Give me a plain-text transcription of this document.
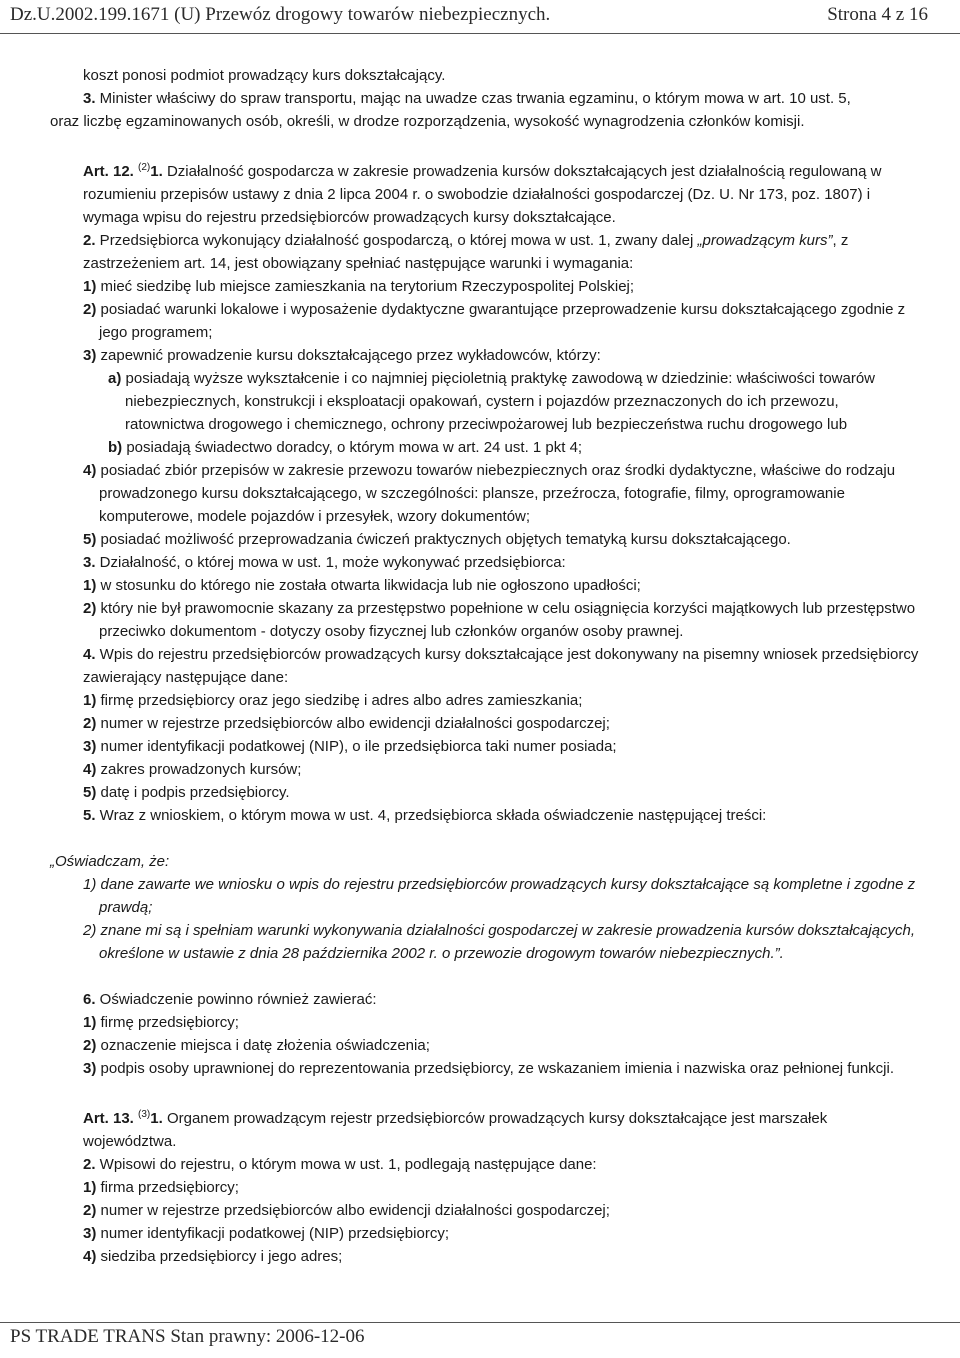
Dz.U.2002.199.1671 (U) Przewóz drogowy towarów niebezpiecznych.	Strona 4 z 16

koszt ponosi podmiot prowadzący kurs dokształcający.

3. Minister właściwy do spraw transportu, mając na uwadze czas trwania egzaminu, o którym mowa w art. 10 ust. 5,

oraz liczbę egzaminowanych osób, określi, w drodze rozporządzenia, wysokość wynagrodzenia członków komisji.

Art. 12. $^{(2)}$1. Działalność gospodarcza w zakresie prowadzenia kursów dokształcających jest działalnością regulowaną w rozumieniu przepisów ustawy z dnia 2 lipca 2004 r. o swobodzie działalności gospodarczej (Dz. U. Nr 173, poz. 1807) i wymaga wpisu do rejestru przedsiębiorców prowadzących kursy dokształcające.

2. Przedsiębiorca wykonujący działalność gospodarczą, o której mowa w ust. 1, zwany dalej „prowadzącym kurs”, z zastrzeżeniem art. 14, jest obowiązany spełniać następujące warunki i wymagania:

1) mieć siedzibę lub miejsce zamieszkania na terytorium Rzeczypospolitej Polskiej;

2) posiadać warunki lokalowe i wyposażenie dydaktyczne gwarantujące przeprowadzenie kursu dokształcającego zgodnie z jego programem;

3) zapewnić prowadzenie kursu dokształcającego przez wykładowców, którzy:

a) posiadają wyższe wykształcenie i co najmniej pięcioletnią praktykę zawodową w dziedzinie: właściwości towarów niebezpiecznych, konstrukcji i eksploatacji opakowań, cystern i pojazdów przeznaczonych do ich przewozu, ratownictwa drogowego i chemicznego, ochrony przeciwpożarowej lub bezpieczeństwa ruchu drogowego lub

b) posiadają świadectwo doradcy, o którym mowa w art. 24 ust. 1 pkt 4;

4) posiadać zbiór przepisów w zakresie przewozu towarów niebezpiecznych oraz środki dydaktyczne, właściwe do rodzaju prowadzonego kursu dokształcającego, w szczególności: plansze, przeźrocza, fotografie, filmy, oprogramowanie komputerowe, modele pojazdów i przesyłek, wzory dokumentów;

5) posiadać możliwość przeprowadzania ćwiczeń praktycznych objętych tematyką kursu dokształcającego.

3. Działalność, o której mowa w ust. 1, może wykonywać przedsiębiorca:

1) w stosunku do którego nie została otwarta likwidacja lub nie ogłoszono upadłości;

2) który nie był prawomocnie skazany za przestępstwo popełnione w celu osiągnięcia korzyści majątkowych lub przestępstwo przeciwko dokumentom - dotyczy osoby fizycznej lub członków organów osoby prawnej.

4. Wpis do rejestru przedsiębiorców prowadzących kursy dokształcające jest dokonywany na pisemny wniosek przedsiębiorcy zawierający następujące dane:

1) firmę przedsiębiorcy oraz jego siedzibę i adres albo adres zamieszkania;

2) numer w rejestrze przedsiębiorców albo ewidencji działalności gospodarczej;

3) numer identyfikacji podatkowej (NIP), o ile przedsiębiorca taki numer posiada;

4) zakres prowadzonych kursów;

5) datę i podpis przedsiębiorcy.

5. Wraz z wnioskiem, o którym mowa w ust. 4, przedsiębiorca składa oświadczenie następującej treści:

„Oświadczam, że:

1) dane zawarte we wniosku o wpis do rejestru przedsiębiorców prowadzących kursy dokształcające są kompletne i zgodne z prawdą;

2) znane mi są i spełniam warunki wykonywania działalności gospodarczej w zakresie prowadzenia kursów dokształcających, określone w ustawie z dnia 28 października 2002 r. o przewozie drogowym towarów niebezpiecznych.”.

6. Oświadczenie powinno również zawierać:

1) firmę przedsiębiorcy;

2) oznaczenie miejsca i datę złożenia oświadczenia;

3) podpis osoby uprawnionej do reprezentowania przedsiębiorcy, ze wskazaniem imienia i nazwiska oraz pełnionej funkcji.

Art. 13. $^{(3)}$1. Organem prowadzącym rejestr przedsiębiorców prowadzących kursy dokształcające jest marszałek województwa.

2. Wpisowi do rejestru, o którym mowa w ust. 1, podlegają następujące dane:

1) firma przedsiębiorcy;

2) numer w rejestrze przedsiębiorców albo ewidencji działalności gospodarczej;

3) numer identyfikacji podatkowej (NIP) przedsiębiorcy;

4) siedziba przedsiębiorcy i jego adres;

PS TRADE TRANS Stan prawny: 2006-12-06
